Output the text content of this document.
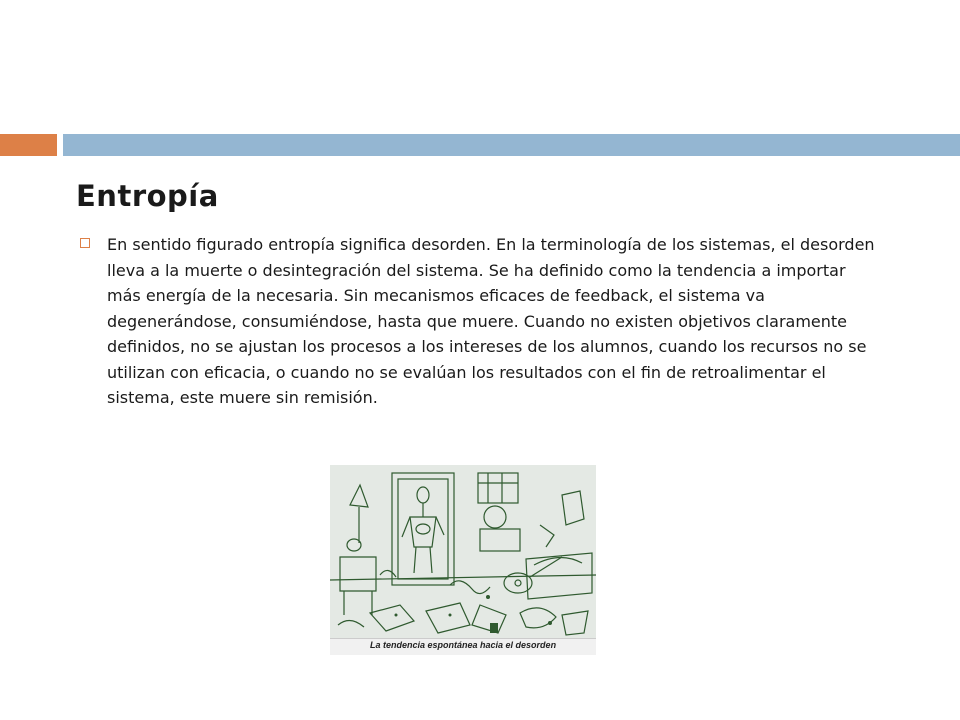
Entropía

En sentido figurado entropía significa desorden. En la terminología de los sistemas, el desorden lleva a la muerte o desintegración del sistema. Se ha definido como la tendencia a importar más energía de la necesaria. Sin mecanismos eficaces de feedback, el sistema va degenerándose, consumiéndose, hasta que muere. Cuando no existen objetivos claramente definidos, no se ajustan los procesos a los intereses de los alumnos, cuando los recursos no se utilizan con eficacia, o cuando no se evalúan los resultados con el fin de retroalimentar el sistema, este muere sin remisión.

La tendencia espontánea hacia el desorden
